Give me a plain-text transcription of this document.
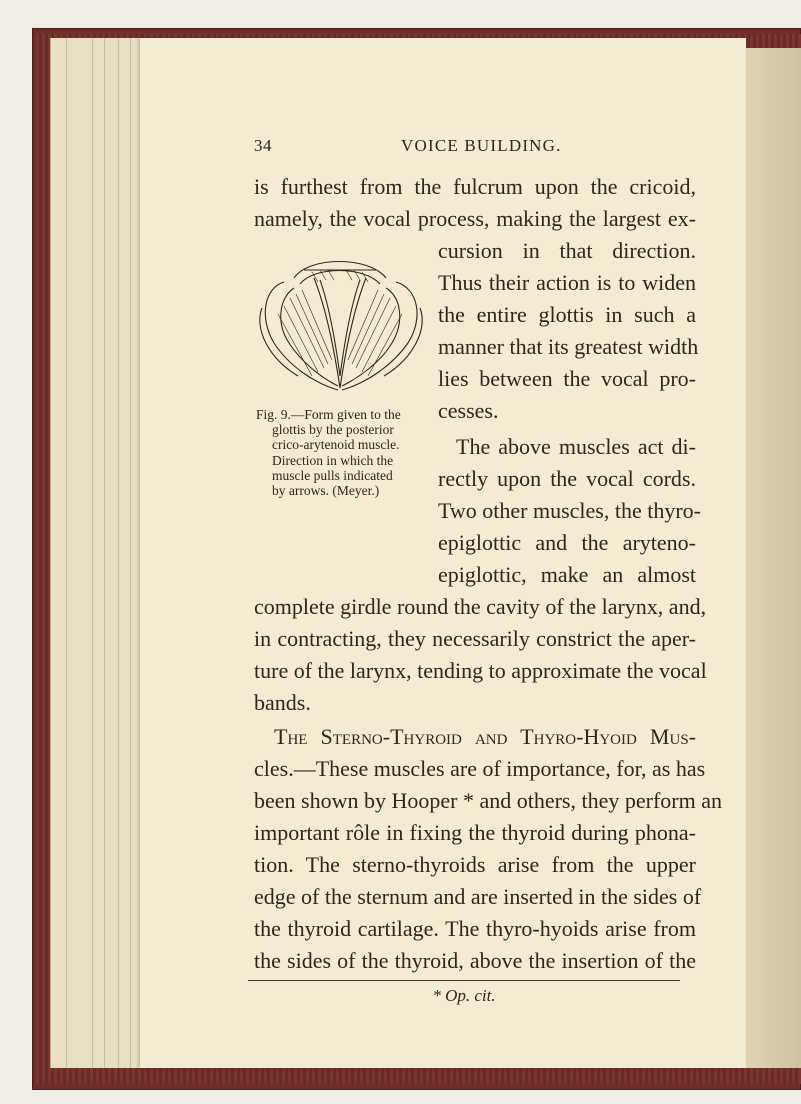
34	VOICE BUILDING.
is furthest from the fulcrum upon the cricoid,
namely, the vocal process, making the largest ex-
cursion in that direction.
Thus their action is to widen
the entire glottis in such a
manner that its greatest width
lies between the vocal pro-
cesses.
The above muscles act di-
rectly upon the vocal cords.
Two other muscles, the thyro-
epiglottic and the aryteno-
epiglottic, make an almost
complete girdle round the cavity of the larynx, and,
in contracting, they necessarily constrict the aper-
ture of the larynx, tending to approximate the vocal
bands.
The Sterno-Thyroid and Thyro-Hyoid Mus-
cles.—These muscles are of importance, for, as has
been shown by Hooper * and others, they perform an
important rôle in fixing the thyroid during phona-
tion. The sterno-thyroids arise from the upper
edge of the sternum and are inserted in the sides of
the thyroid cartilage. The thyro-hyoids arise from
the sides of the thyroid, above the insertion of the
Fig. 9.—Form given to the
glottis by the posterior
crico-arytenoid muscle.
Direction in which the
muscle pulls indicated
by arrows. (Meyer.)
* Op. cit.
